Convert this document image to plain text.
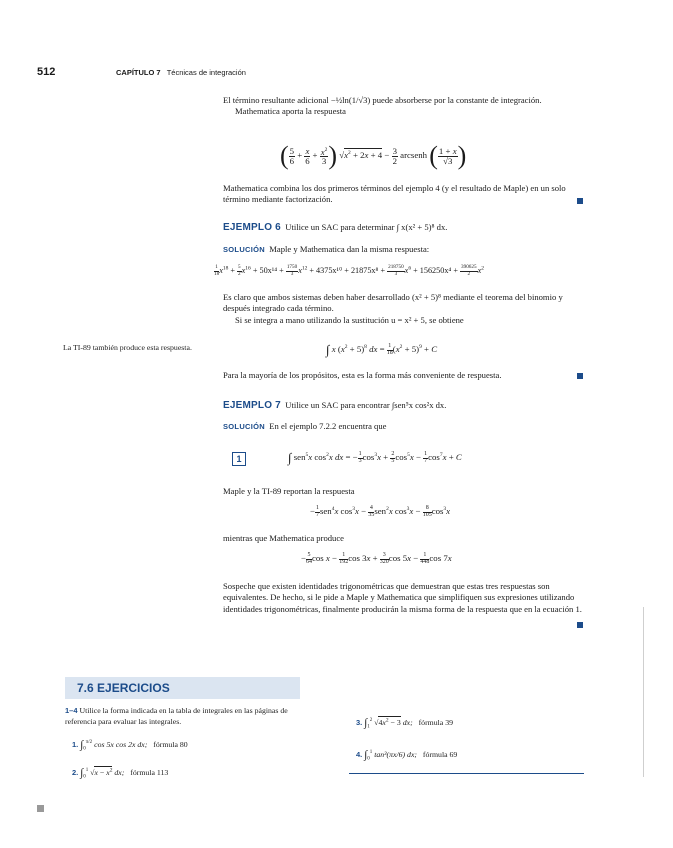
512	CAPÍTULO 7 Técnicas de integración

El término resultante adicional −½ln(1/√3) puede absorberse por la constante de integración.

Mathematica aporta la respuesta

( $\frac{5}{6} + \frac{x}{6} + \frac{x^2}{3}$ ) $√x^2 + 2x + 4 - \frac{3}{2}$ arcsenh ( $\frac{1 + x}{√3}$ )

Mathematica combina los dos primeros términos del ejemplo 4 (y el resultado de Maple) en un solo término mediante factorización.

EJEMPLO 6 Utilice un SAC para determinar ∫ x(x² + 5)⁸ dx.
SOLUCIÓN Maple y Mathematica dan la misma respuesta:
$\frac{1}{18} x^{18} + \frac{5}{2} x^{16} + 50x^{14} + \frac{1750}{3} x^{12} + 4375x^{10} + 21875x^8 + \frac{218750}{3} x^6 + 156250x^4 + \frac{390625}{2} x^2$

Es claro que ambos sistemas deben haber desarrollado (x² + 5)⁸ mediante el teorema del binomio y después integrado cada término.

Si se integra a mano utilizando la sustitución u = x² + 5, se obtiene

La TI-89 también produce esta respuesta.	∫ x $(x^2 + 5)^8$ dx = $\frac{1}{18} (x^2 + 5)^9 + C$
Para la mayoría de los propósitos, esta es la forma más conveniente de respuesta.
EJEMPLO 7 Utilice un SAC para encontrar ∫sen⁵x cos²x dx.
SOLUCIÓN En el ejemplo 7.2.2 encuentra que
1	∫ sen$^5$x $\cos^2x$ dx = − $\frac{1}{3} \cos^3x + \frac{2}{5} \cos^5x - \frac{1}{7} \cos^7x + C$
Maple y la TI-89 reportan la respuesta
− $\frac{1}{7} sen^4x$ $\cos^3x - \frac{4}{35} sen^2x$ $\cos^3x - \frac{8}{105} \cos^3x$
mientras que Mathematica produce
− $\frac{5}{64}$ $\cos x - \frac{1}{192}$ $\cos 3x + \frac{3}{320}$ $\cos 5x - \frac{1}{448}$ cos 7x
Sospeche que existen identidades trigonométricas que demuestran que estas tres respuestas son equivalentes. De hecho, si le pide a Maple y Mathematica que simplifiquen sus expresiones utilizando identidades trigonométricas, finalmente producirán la misma forma de la respuesta que en la ecuación 1.
7.6 EJERCICIOS
1–4 Utilice la forma indicada en la tabla de integrales en las páginas de referencia para evaluar las integrales.
1. $\int_0^{\pi/2}$ cos 5x cos 2x dx; fórmula 80
2. $\int_0^1$ $√x - x^2$ dx; fórmula 113
3. $\int_1^2$ $√4x^2 - 3$ dx; fórmula 39
4. $\int_0^1$ tan³(πx/6) dx; fórmula 69
